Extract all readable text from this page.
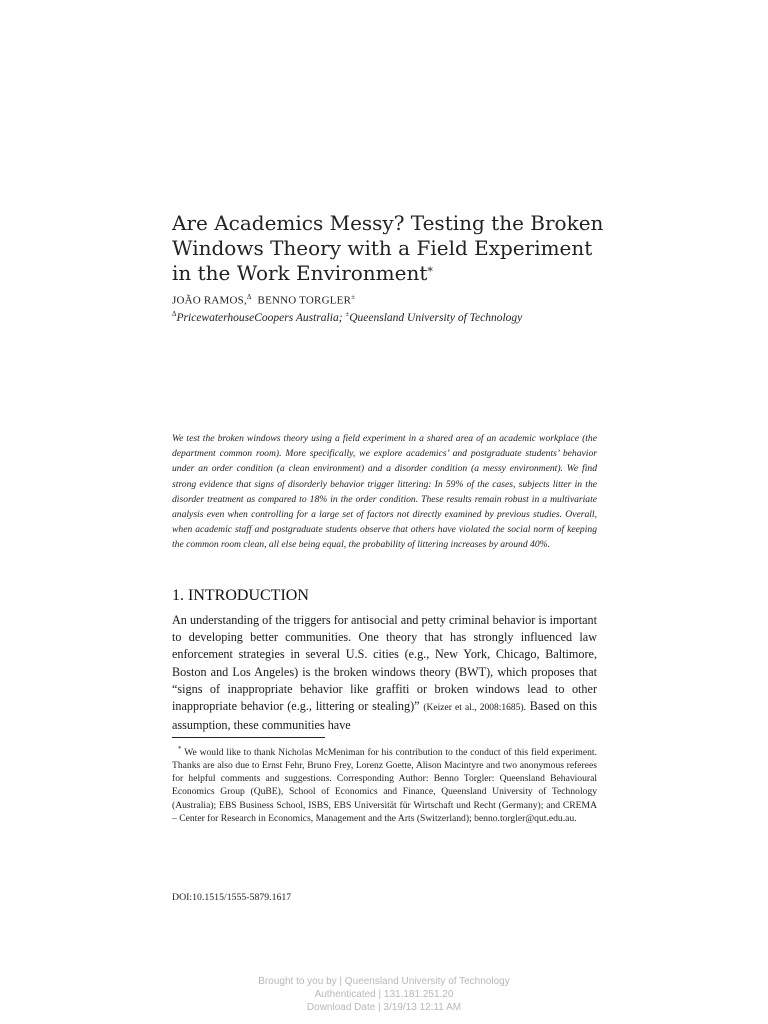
Are Academics Messy? Testing the Broken Windows Theory with a Field Experiment in the Work Environment*
JOÃO RAMOS,$^\Delta$ BENNO TORGLER±
$^\Delta$PricewaterhouseCoopers Australia; ±Queensland University of Technology

We test the broken windows theory using a field experiment in a shared area of an academic workplace (the department common room). More specifically, we explore academics’ and postgraduate students’ behavior under an order condition (a clean environment) and a disorder condition (a messy environment). We find strong evidence that signs of disorderly behavior trigger littering: In 59% of the cases, subjects litter in the disorder treatment as compared to 18% in the order condition. These results remain robust in a multivariate analysis even when controlling for a large set of factors not directly examined by previous studies. Overall, when academic staff and postgraduate students observe that others have violated the social norm of keeping the common room clean, all else being equal, the probability of littering increases by around 40%.

1. INTRODUCTION

An understanding of the triggers for antisocial and petty criminal behavior is important to developing better communities. One theory that has strongly influenced law enforcement strategies in several U.S. cities (e.g., New York, Chicago, Baltimore, Boston and Los Angeles) is the broken windows theory (BWT), which proposes that “signs of inappropriate behavior like graffiti or broken windows lead to other inappropriate behavior (e.g., littering or stealing)” (Keizer et al., 2008:1685). Based on this assumption, these communities have

* We would like to thank Nicholas McMeniman for his contribution to the conduct of this field experiment. Thanks are also due to Ernst Fehr, Bruno Frey, Lorenz Goette, Alison Macintyre and two anonymous referees for helpful comments and suggestions. Corresponding Author: Benno Torgler: Queensland Behavioural Economics Group (QuBE), School of Economics and Finance, Queensland University of Technology (Australia); EBS Business School, ISBS, EBS Universität für Wirtschaft und Recht (Germany); and CREMA – Center for Research in Economics, Management and the Arts (Switzerland); benno.torgler@qut.edu.au.

DOI:10.1515/1555-5879.1617
Brought to you by | Queensland University of Technology
Authenticated | 131.181.251.20
Download Date | 3/19/13 12:11 AM
